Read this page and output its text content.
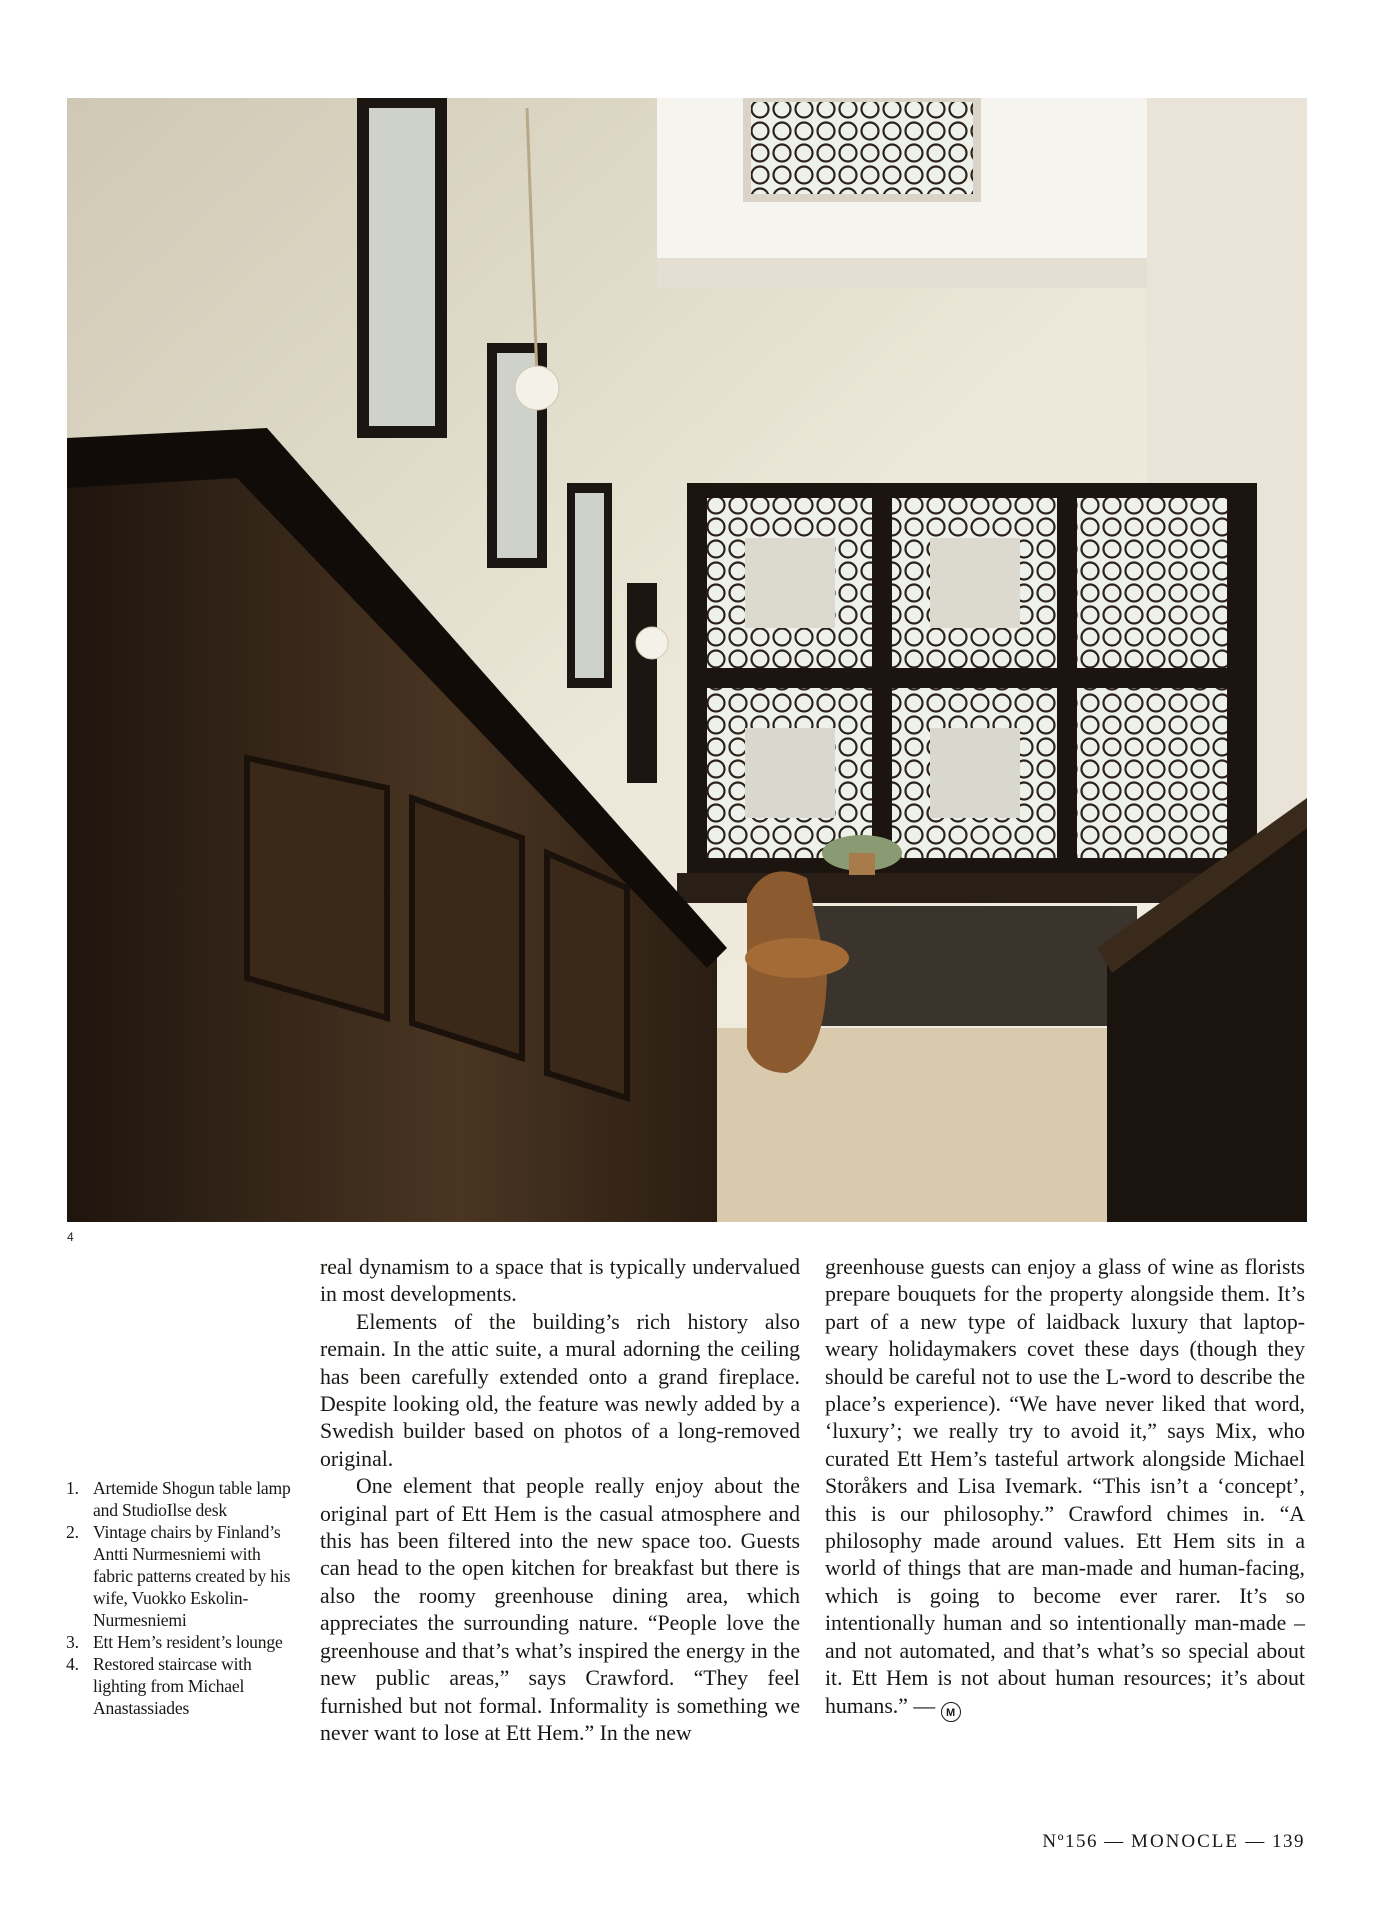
4
1. Artemide Shogun table lamp and StudioIlse desk
2. Vintage chairs by Finland’s Antti Nurmesniemi with fabric patterns created by his wife, Vuokko Eskolin-Nurmesniemi
3. Ett Hem’s resident’s lounge
4. Restored staircase with lighting from Michael Anastassiades

real dynamism to a space that is typically undervalued in most developments.

Elements of the building’s rich history also remain. In the attic suite, a mural adorning the ceiling has been carefully extended onto a grand fireplace. Despite looking old, the feature was newly added by a Swedish builder based on photos of a long-removed original.

One element that people really enjoy about the original part of Ett Hem is the casual atmosphere and this has been filtered into the new space too. Guests can head to the open kitchen for breakfast but there is also the roomy greenhouse dining area, which appreciates the surrounding nature. “People love the greenhouse and that’s what’s inspired the energy in the new public areas,” says Crawford. “They feel furnished but not formal. Informality is something we never want to lose at Ett Hem.” In the new

greenhouse guests can enjoy a glass of wine as florists prepare bouquets for the property alongside them. It’s part of a new type of laidback luxury that laptop-weary holidaymakers covet these days (though they should be careful not to use the L-word to describe the place’s experience). “We have never liked that word, ‘luxury’; we really try to avoid it,” says Mix, who curated Ett Hem’s tasteful artwork alongside Michael Storåkers and Lisa Ivemark. “This isn’t a ‘concept’, this is our philosophy.” Crawford chimes in. “A philosophy made around values. Ett Hem sits in a world of things that are man-made and human-facing, which is going to become ever rarer. It’s so intentionally human and so intentionally man-made – and not automated, and that’s what’s so special about it. Ett Hem is not about human resources; it’s about humans.” — M

Nº156 — MONOCLE — 139
